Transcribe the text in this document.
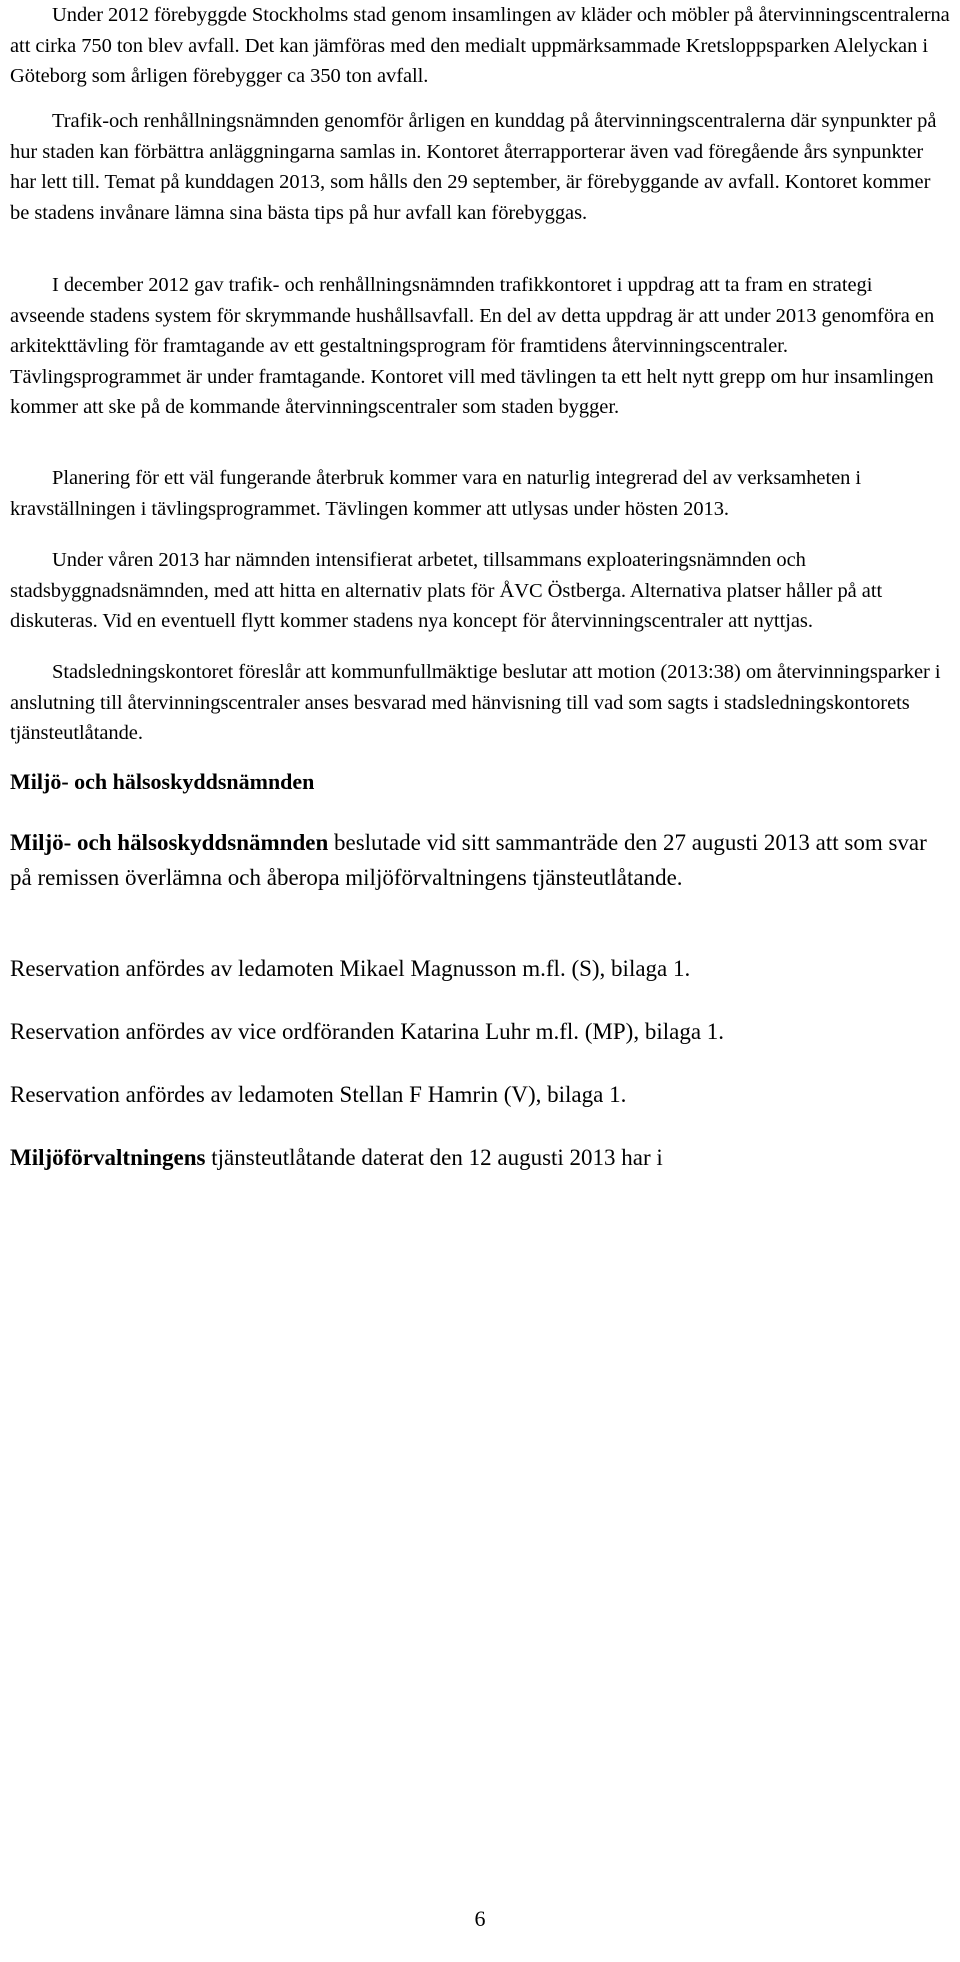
Under 2012 förebyggde Stockholms stad genom insamlingen av kläder och möbler på återvinningscentralerna att cirka 750 ton blev avfall. Det kan jämföras med den medialt uppmärksammade Kretsloppsparken Alelyckan i Göteborg som årligen förebygger ca 350 ton avfall.

Trafik-och renhållningsnämnden genomför årligen en kunddag på återvinningscentralerna där synpunkter på hur staden kan förbättra anläggningarna samlas in. Kontoret återrapporterar även vad föregående års synpunkter har lett till. Temat på kunddagen 2013, som hålls den 29 september, är förebyggande av avfall. Kontoret kommer be stadens invånare lämna sina bästa tips på hur avfall kan förebyggas.

I december 2012 gav trafik- och renhållningsnämnden trafikkontoret i uppdrag att ta fram en strategi avseende stadens system för skrymmande hushållsavfall. En del av detta uppdrag är att under 2013 genomföra en arkitekttävling för framtagande av ett gestaltningsprogram för framtidens återvinningscentraler. Tävlingsprogrammet är under framtagande. Kontoret vill med tävlingen ta ett helt nytt grepp om hur insamlingen kommer att ske på de kommande återvinningscentraler som staden bygger.

Planering för ett väl fungerande återbruk kommer vara en naturlig integrerad del av verksamheten i kravställningen i tävlingsprogrammet. Tävlingen kommer att utlysas under hösten 2013.

Under våren 2013 har nämnden intensifierat arbetet, tillsammans exploateringsnämnden och stadsbyggnadsnämnden, med att hitta en alternativ plats för ÅVC Östberga. Alternativa platser håller på att diskuteras. Vid en eventuell flytt kommer stadens nya koncept för återvinningscentraler att nyttjas.

Stadsledningskontoret föreslår att kommunfullmäktige beslutar att motion (2013:38) om återvinningsparker i anslutning till återvinningscentraler anses besvarad med hänvisning till vad som sagts i stadsledningskontorets tjänsteutlåtande.

Miljö- och hälsoskyddsnämnden

Miljö- och hälsoskyddsnämnden beslutade vid sitt sammanträde den 27 augusti 2013 att som svar på remissen överlämna och åberopa miljöförvaltningens tjänsteutlåtande.

Reservation anfördes av ledamoten Mikael Magnusson m.fl. (S), bilaga 1.

Reservation anfördes av vice ordföranden Katarina Luhr m.fl. (MP), bilaga 1.

Reservation anfördes av ledamoten Stellan F Hamrin (V), bilaga 1.

Miljöförvaltningens tjänsteutlåtande daterat den 12 augusti 2013 har i

6
